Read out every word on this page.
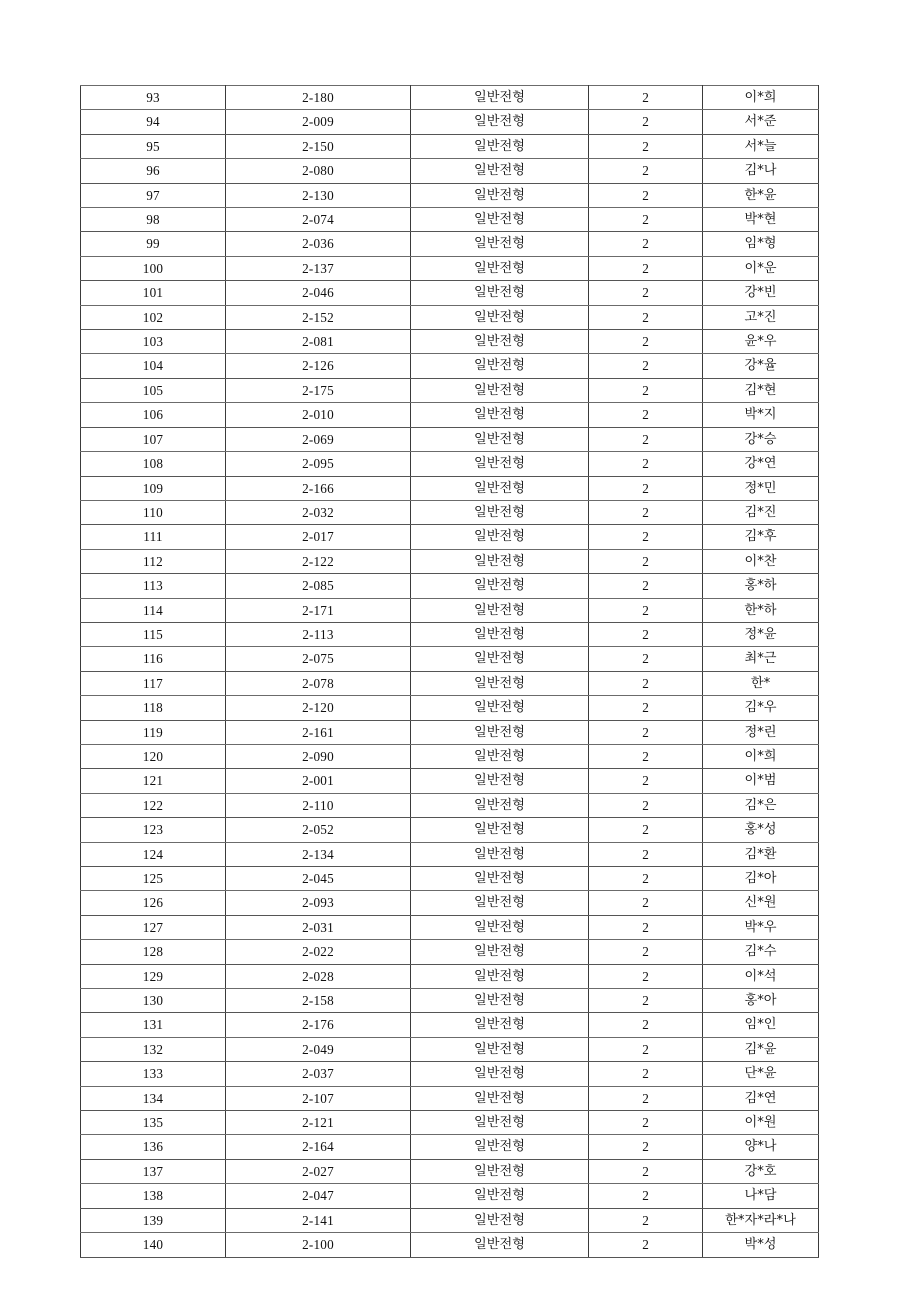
93	2-180	일반전형	2	이*희
94	2-009	일반전형	2	서*준
95	2-150	일반전형	2	서*늘
96	2-080	일반전형	2	김*나
97	2-130	일반전형	2	한*윤
98	2-074	일반전형	2	박*현
99	2-036	일반전형	2	임*형
100	2-137	일반전형	2	이*운
101	2-046	일반전형	2	강*빈
102	2-152	일반전형	2	고*진
103	2-081	일반전형	2	윤*우
104	2-126	일반전형	2	강*율
105	2-175	일반전형	2	김*현
106	2-010	일반전형	2	박*지
107	2-069	일반전형	2	강*승
108	2-095	일반전형	2	강*연
109	2-166	일반전형	2	정*민
110	2-032	일반전형	2	김*진
111	2-017	일반전형	2	김*후
112	2-122	일반전형	2	이*찬
113	2-085	일반전형	2	홍*하
114	2-171	일반전형	2	한*하
115	2-113	일반전형	2	정*윤
116	2-075	일반전형	2	최*근
117	2-078	일반전형	2	한*
118	2-120	일반전형	2	김*우
119	2-161	일반전형	2	정*린
120	2-090	일반전형	2	이*희
121	2-001	일반전형	2	이*범
122	2-110	일반전형	2	김*은
123	2-052	일반전형	2	홍*성
124	2-134	일반전형	2	김*환
125	2-045	일반전형	2	김*아
126	2-093	일반전형	2	신*원
127	2-031	일반전형	2	박*우
128	2-022	일반전형	2	김*수
129	2-028	일반전형	2	이*석
130	2-158	일반전형	2	홍*아
131	2-176	일반전형	2	임*인
132	2-049	일반전형	2	김*윤
133	2-037	일반전형	2	단*윤
134	2-107	일반전형	2	김*연
135	2-121	일반전형	2	이*원
136	2-164	일반전형	2	양*나
137	2-027	일반전형	2	강*호
138	2-047	일반전형	2	나*담
139	2-141	일반전형	2	한*자*라*나
140	2-100	일반전형	2	박*성
